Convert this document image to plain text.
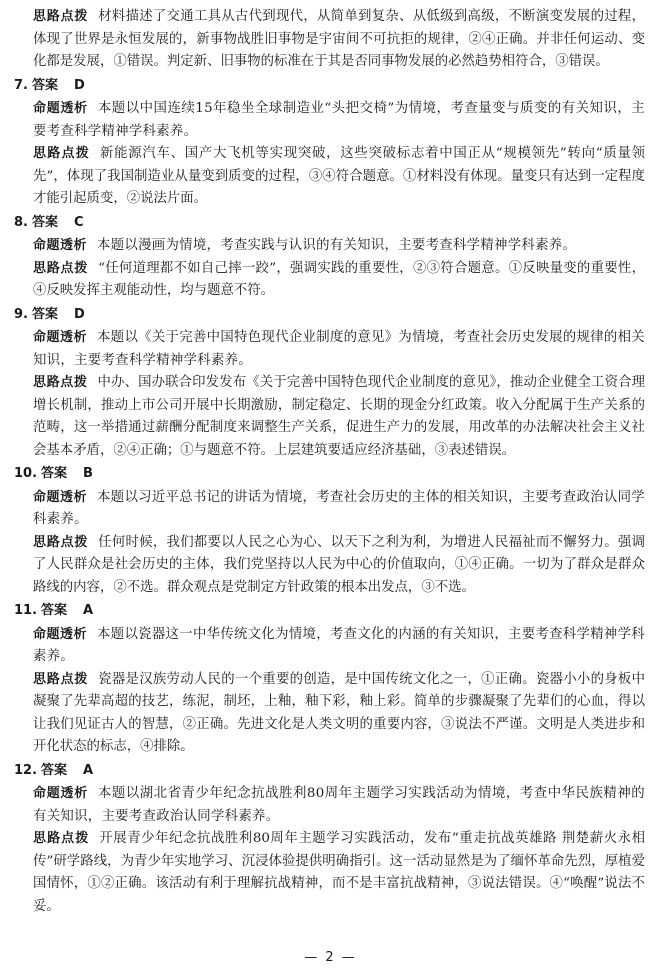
思路点拨 材料描述了交通工具从古代到现代，从简单到复杂、从低级到高级，不断演变发展的过程，体现了世界是永恒发展的，新事物战胜旧事物是宇宙间不可抗拒的规律，②④正确。并非任何运动、变化都是发展，①错误。判定新、旧事物的标准在于其是否同事物发展的必然趋势相符合，③错误。

7. 答案 D

命题透析 本题以中国连续15年稳坐全球制造业“头把交椅”为情境，考查量变与质变的有关知识，主要考查科学精神学科素养。

思路点拨 新能源汽车、国产大飞机等实现突破，这些突破标志着中国正从“规模领先”转向“质量领先”，体现了我国制造业从量变到质变的过程，③④符合题意。①材料没有体现。量变只有达到一定程度才能引起质变，②说法片面。

8. 答案 C

命题透析 本题以漫画为情境，考查实践与认识的有关知识，主要考查科学精神学科素养。

思路点拨 “任何道理都不如自己摔一跤”，强调实践的重要性，②③符合题意。①反映量变的重要性，④反映发挥主观能动性，均与题意不符。

9. 答案 D

命题透析 本题以《关于完善中国特色现代企业制度的意见》为情境，考查社会历史发展的规律的相关知识，主要考查科学精神学科素养。

思路点拨 中办、国办联合印发发布《关于完善中国特色现代企业制度的意见》，推动企业健全工资合理增长机制，推动上市公司开展中长期激励，制定稳定、长期的现金分红政策。收入分配属于生产关系的范畴，这一举措通过薪酬分配制度来调整生产关系，促进生产力的发展，用改革的办法解决社会主义社会基本矛盾，②④正确；①与题意不符。上层建筑要适应经济基础，③表述错误。

10. 答案 B

命题透析 本题以习近平总书记的讲话为情境，考查社会历史的主体的相关知识，主要考查政治认同学科素养。

思路点拨 任何时候，我们都要以人民之心为心、以天下之利为利，为增进人民福祉而不懈努力。强调了人民群众是社会历史的主体，我们党坚持以人民为中心的价值取向，①④正确。一切为了群众是群众路线的内容，②不选。群众观点是党制定方针政策的根本出发点，③不选。

11. 答案 A

命题透析 本题以瓷器这一中华传统文化为情境，考查文化的内涵的有关知识，主要考查科学精神学科素养。

思路点拨 瓷器是汉族劳动人民的一个重要的创造，是中国传统文化之一，①正确。瓷器小小的身板中凝聚了先辈高超的技艺，练泥，制坯，上釉，釉下彩，釉上彩。简单的步骤凝聚了先辈们的心血，得以让我们见证古人的智慧，②正确。先进文化是人类文明的重要内容，③说法不严谨。文明是人类进步和开化状态的标志，④排除。

12. 答案 A

命题透析 本题以湖北省青少年纪念抗战胜利80周年主题学习实践活动为情境，考查中华民族精神的有关知识，主要考查政治认同学科素养。

思路点拨 开展青少年纪念抗战胜利80周年主题学习实践活动，发布“重走抗战英雄路 荆楚薪火永相传”研学路线，为青少年实地学习、沉浸体验提供明确指引。这一活动显然是为了缅怀革命先烈，厚植爱国情怀，①②正确。该活动有利于理解抗战精神，而不是丰富抗战精神，③说法错误。④“唤醒”说法不妥。

— 2 —
